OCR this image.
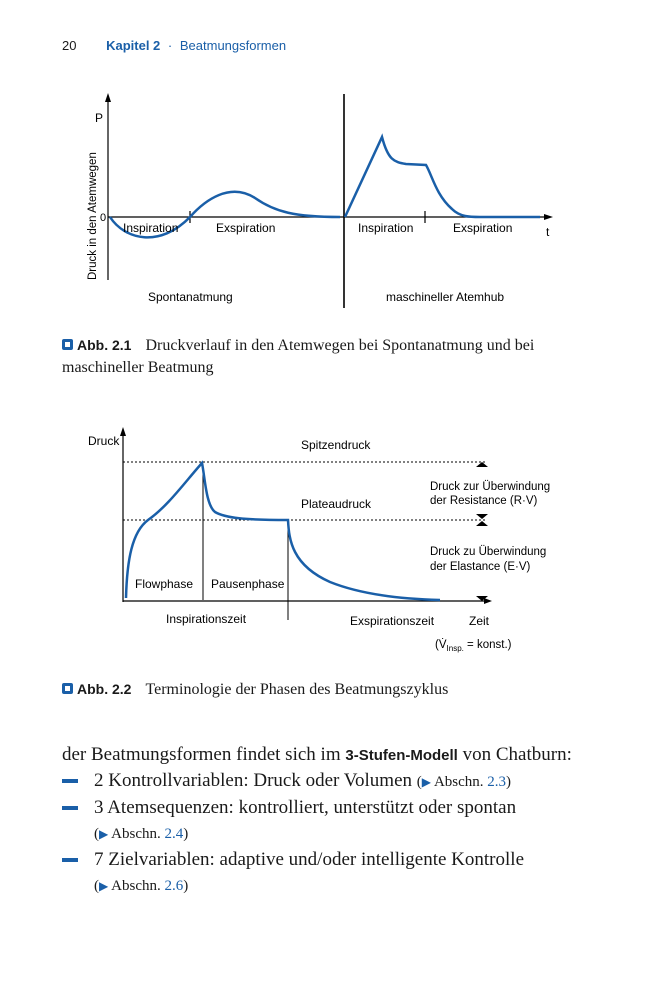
20 Kapitel 2 · Beatmungsformen
P
Druck in den Atemwegen 0
t
Inspiration	Exspiration	Inspiration	Exspiration
Spontanatmung	maschineller Atemhub
Abb. 2.1 Druckverlauf in den Atemwegen bei Spontanatmung und bei maschineller Beatmung
Druck	Spitzendruck
Plateaudruck
Druck zur Überwindung
der Resistance (R·V)
Druck zu Überwindung
der Elastance (E·V)
Flowphase Pausenphase
Inspirationszeit	Exspirationszeit	Zeit
($V̇_{Insp.}$ = konst.)
Abb. 2.2 Terminologie der Phasen des Beatmungszyklus
der Beatmungsformen findet sich im 3-Stufen-Modell von Chatburn:
2 Kontrollvariablen: Druck oder Volumen (▶ Abschn. 2.3)
3 Atemsequenzen: kontrolliert, unterstützt oder spontan
(▶ Abschn. 2.4)
7 Zielvariablen: adaptive und/oder intelligente Kontrolle
(▶ Abschn. 2.6)
